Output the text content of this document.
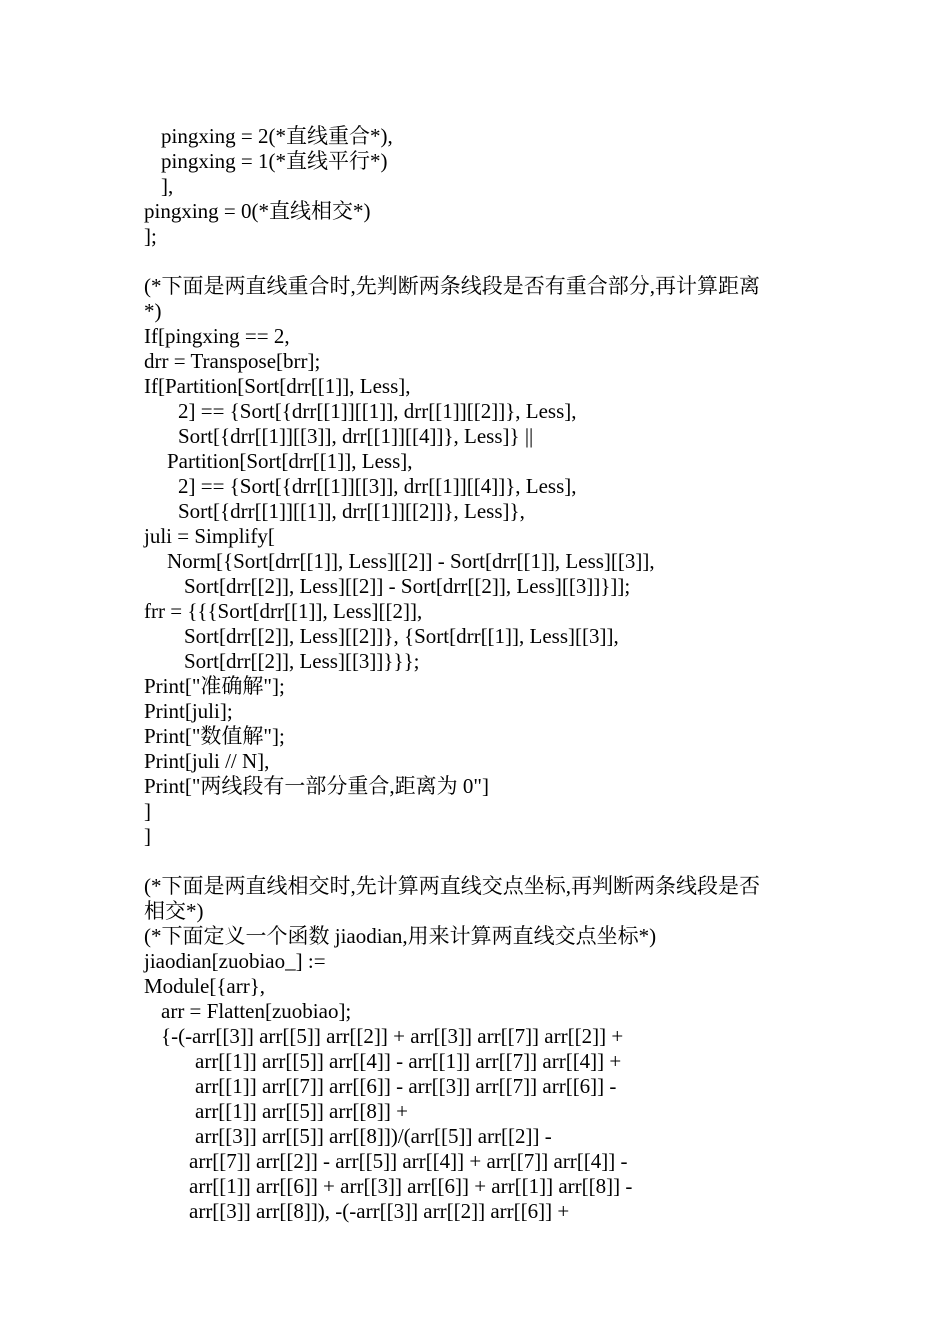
pingxing = 2(*直线重合*),
pingxing = 1(*直线平行*)
],
pingxing = 0(*直线相交*)
];
(*下面是两直线重合时,先判断两条线段是否有重合部分,再计算距离
*)
If[pingxing == 2,
drr = Transpose[brr];
If[Partition[Sort[drr[[1]], Less],
2] == {Sort[{drr[[1]][[1]], drr[[1]][[2]]}, Less],
Sort[{drr[[1]][[3]], drr[[1]][[4]]}, Less]} ||
Partition[Sort[drr[[1]], Less],
2] == {Sort[{drr[[1]][[3]], drr[[1]][[4]]}, Less],
Sort[{drr[[1]][[1]], drr[[1]][[2]]}, Less]},
juli = Simplify[
Norm[{Sort[drr[[1]], Less][[2]] - Sort[drr[[1]], Less][[3]],
Sort[drr[[2]], Less][[2]] - Sort[drr[[2]], Less][[3]]}]];
frr = {{{Sort[drr[[1]], Less][[2]],
Sort[drr[[2]], Less][[2]]}, {Sort[drr[[1]], Less][[3]],
Sort[drr[[2]], Less][[3]]}}};
Print["准确解"];
Print[juli];
Print["数值解"];
Print[juli // N],
Print["两线段有一部分重合,距离为 0"]
]
]
(*下面是两直线相交时,先计算两直线交点坐标,再判断两条线段是否
相交*)
(*下面定义一个函数 jiaodian,用来计算两直线交点坐标*)
jiaodian[zuobiao_] :=
Module[{arr},
arr = Flatten[zuobiao];
{-(-arr[[3]] arr[[5]] arr[[2]] + arr[[3]] arr[[7]] arr[[2]] +
arr[[1]] arr[[5]] arr[[4]] - arr[[1]] arr[[7]] arr[[4]] +
arr[[1]] arr[[7]] arr[[6]] - arr[[3]] arr[[7]] arr[[6]] -
arr[[1]] arr[[5]] arr[[8]] +
arr[[3]] arr[[5]] arr[[8]])/(arr[[5]] arr[[2]] -
arr[[7]] arr[[2]] - arr[[5]] arr[[4]] + arr[[7]] arr[[4]] -
arr[[1]] arr[[6]] + arr[[3]] arr[[6]] + arr[[1]] arr[[8]] -
arr[[3]] arr[[8]]), -(-arr[[3]] arr[[2]] arr[[6]] +
